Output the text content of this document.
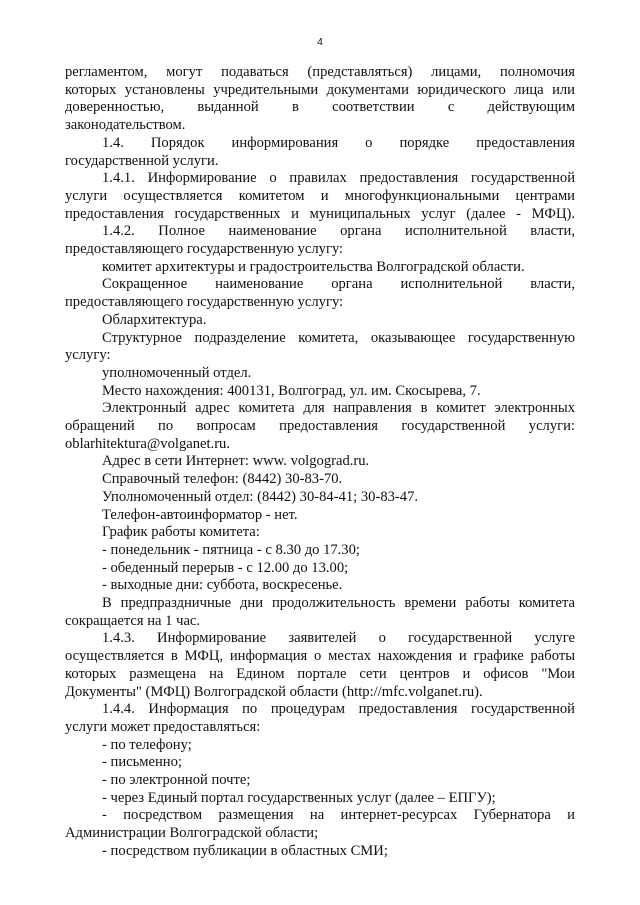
4
регламентом, могут подаваться (представляться) лицами, полномочия
которых установлены учредительными документами юридического лица или
доверенностью, выданной в соответствии с действующим
законодательством.
1.4. Порядок информирования о порядке предоставления
государственной услуги.
1.4.1. Информирование о правилах предоставления государственной
услуги осуществляется комитетом и многофункциональными центрами
предоставления государственных и муниципальных услуг (далее - МФЦ).
1.4.2. Полное наименование органа исполнительной власти,
предоставляющего государственную услугу:
комитет архитектуры и градостроительства Волгоградской области.
Сокращенное наименование органа исполнительной власти,
предоставляющего государственную услугу:
Облархитектура.
Структурное подразделение комитета, оказывающее государственную
услугу:
уполномоченный отдел.
Место нахождения: 400131, Волгоград, ул. им. Скосырева, 7.
Электронный адрес комитета для направления в комитет электронных
обращений по вопросам предоставления государственной услуги:
oblarhitektura@volganet.ru.
Адрес в сети Интернет: www. volgograd.ru.
Справочный телефон: (8442) 30-83-70.
Уполномоченный отдел: (8442) 30-84-41; 30-83-47.
Телефон-автоинформатор - нет.
График работы комитета:
- понедельник - пятница - с 8.30 до 17.30;
- обеденный перерыв - с 12.00 до 13.00;
- выходные дни: суббота, воскресенье.
В предпраздничные дни продолжительность времени работы комитета
сокращается на 1 час.
1.4.3. Информирование заявителей о государственной услуге
осуществляется в МФЦ, информация о местах нахождения и графике работы
которых размещена на Едином портале сети центров и офисов "Мои
Документы" (МФЦ) Волгоградской области (http://mfc.volganet.ru).
1.4.4. Информация по процедурам предоставления государственной
услуги может предоставляться:
- по телефону;
- письменно;
- по электронной почте;
- через Единый портал государственных услуг (далее – ЕПГУ);
- посредством размещения на интернет-ресурсах Губернатора и
Администрации Волгоградской области;
- посредством публикации в областных СМИ;
